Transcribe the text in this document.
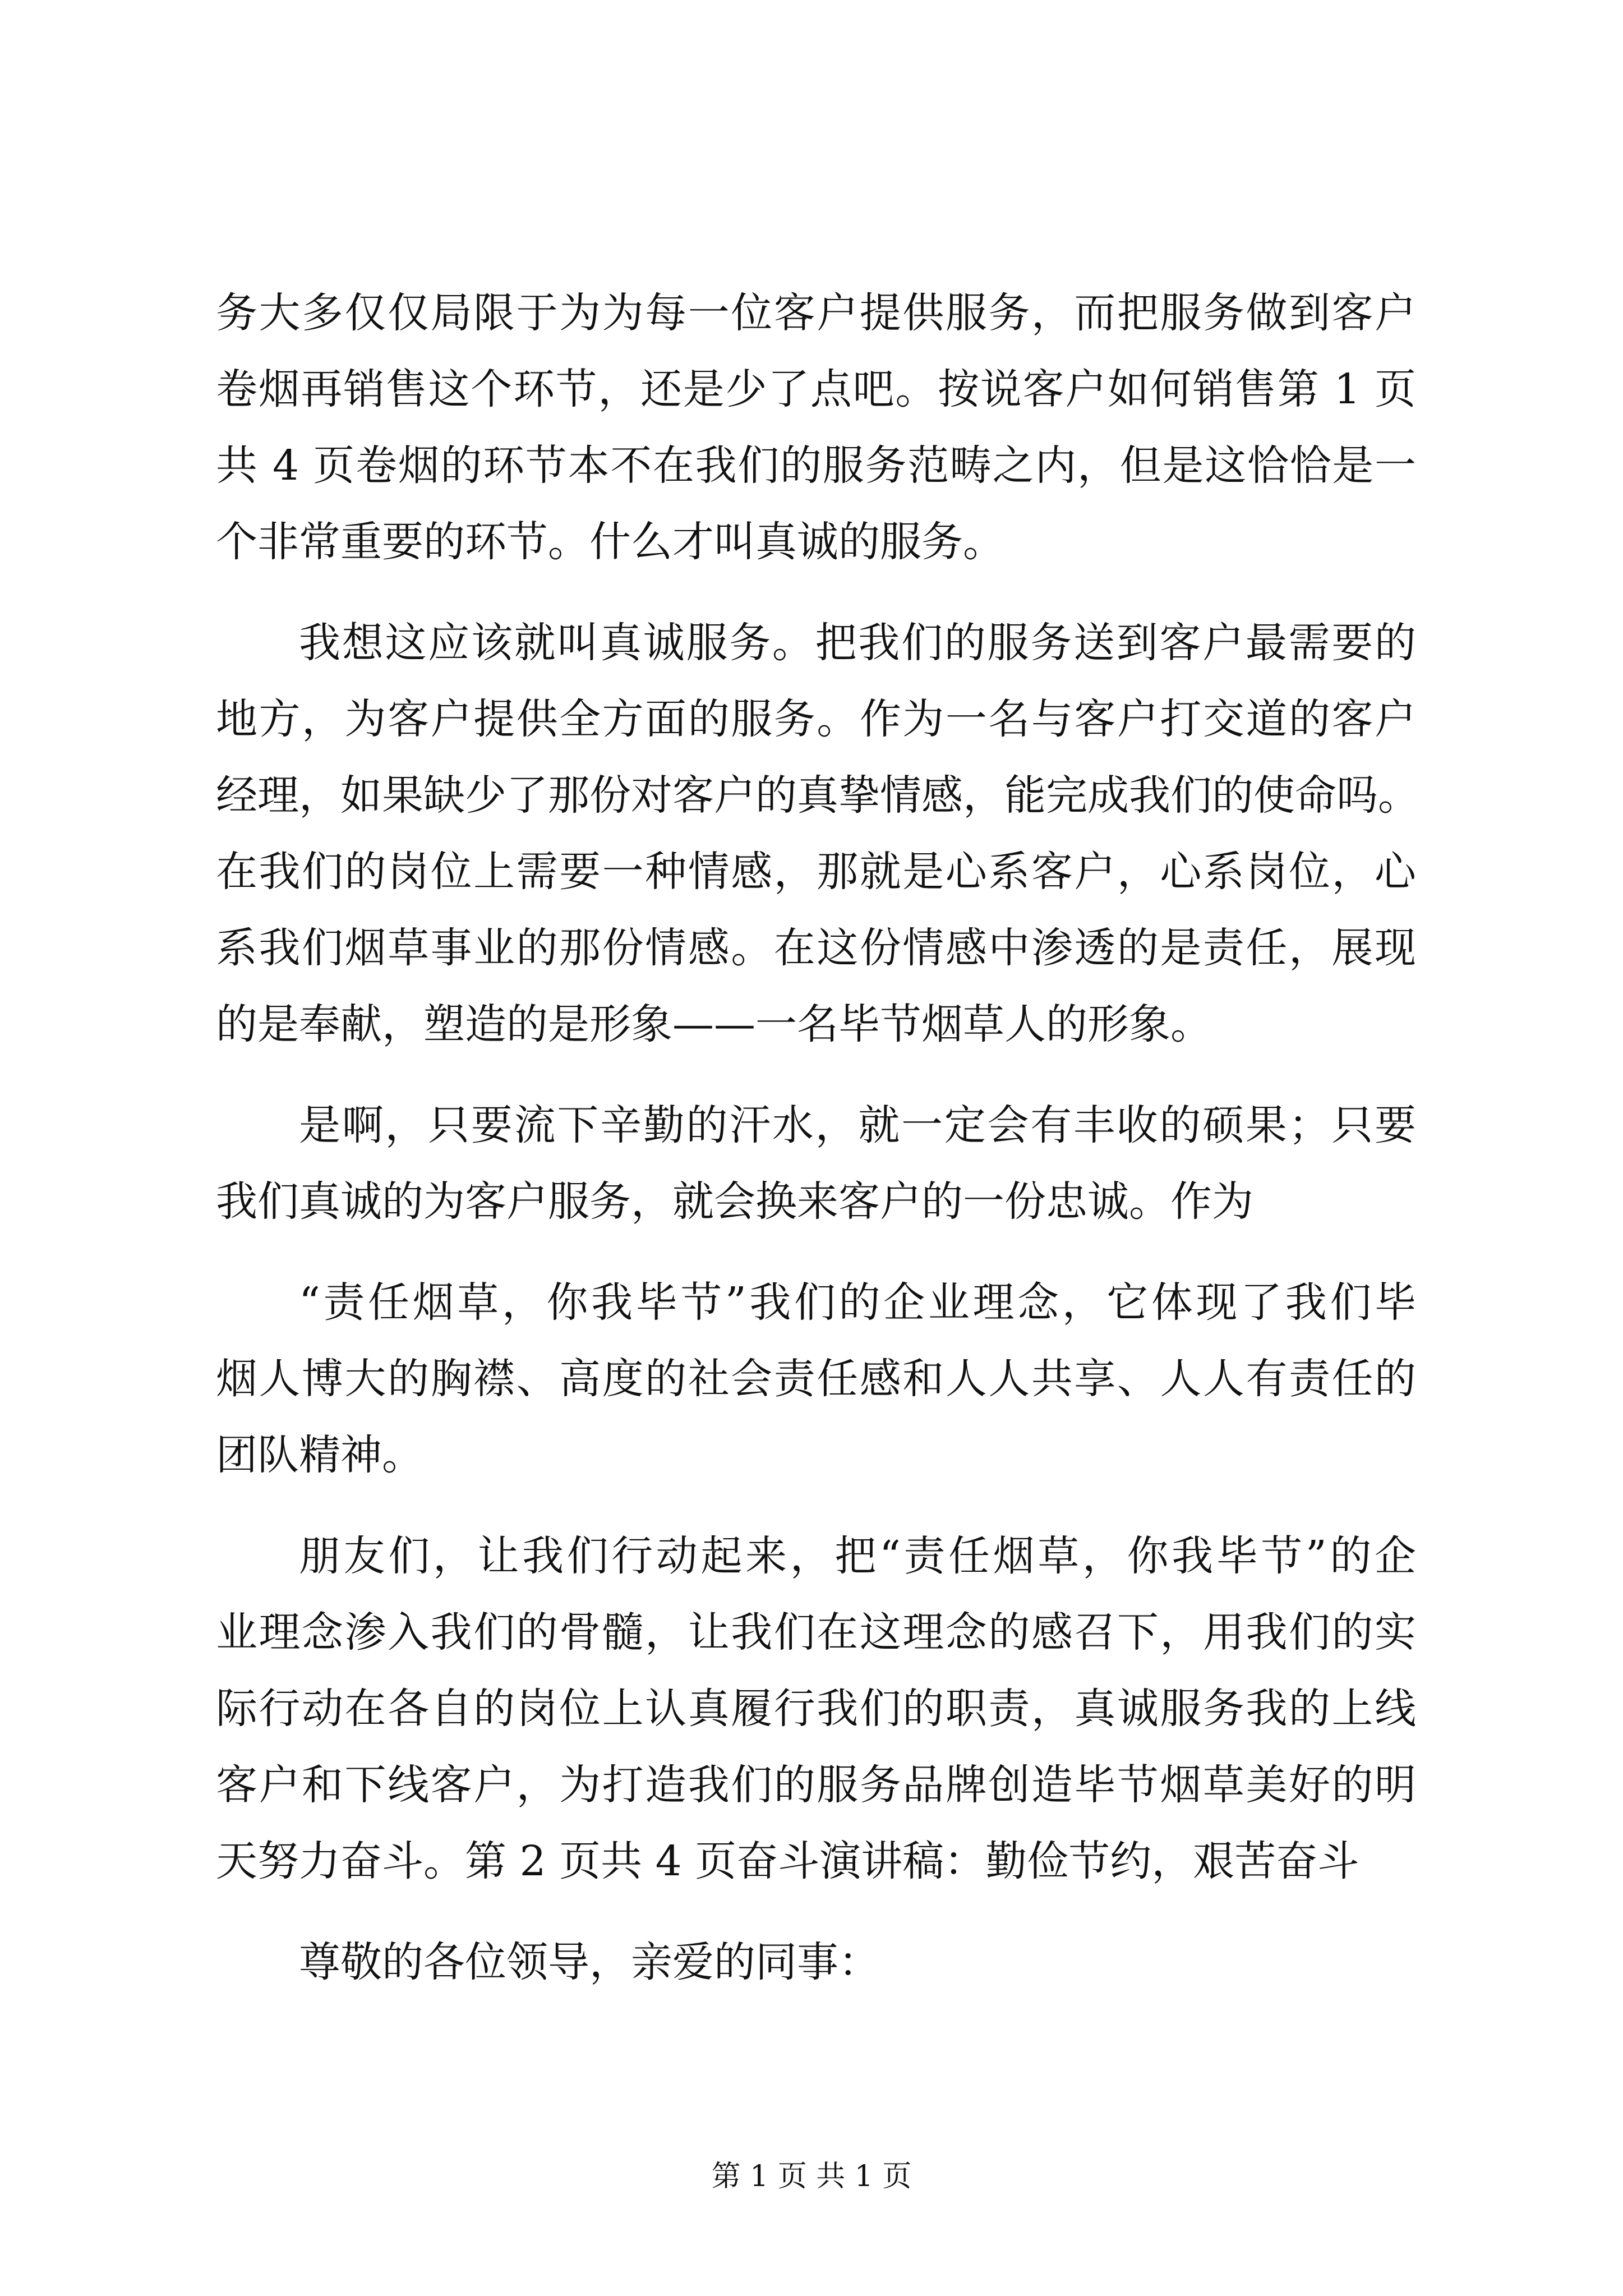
务大多仅仅局限于为为每一位客户提供服务，而把服务做到客户
卷烟再销售这个环节，还是少了点吧。按说客户如何销售第 1 页
共 4 页卷烟的环节本不在我们的服务范畴之内，但是这恰恰是一
个非常重要的环节。什么才叫真诚的服务。
我想这应该就叫真诚服务。把我们的服务送到客户最需要的
地方，为客户提供全方面的服务。作为一名与客户打交道的客户
经理，如果缺少了那份对客户的真挚情感，能完成我们的使命吗。
在我们的岗位上需要一种情感，那就是心系客户，心系岗位，心
系我们烟草事业的那份情感。在这份情感中渗透的是责任，展现
的是奉献，塑造的是形象——一名毕节烟草人的形象。
是啊，只要流下辛勤的汗水，就一定会有丰收的硕果；只要
我们真诚的为客户服务，就会换来客户的一份忠诚。作为
“责任烟草，你我毕节”我们的企业理念，它体现了我们毕
烟人博大的胸襟、高度的社会责任感和人人共享、人人有责任的
团队精神。
朋友们，让我们行动起来，把“责任烟草，你我毕节”的企
业理念渗入我们的骨髓，让我们在这理念的感召下，用我们的实
际行动在各自的岗位上认真履行我们的职责，真诚服务我的上线
客户和下线客户，为打造我们的服务品牌创造毕节烟草美好的明
天努力奋斗。第 2 页共 4 页奋斗演讲稿：勤俭节约，艰苦奋斗
尊敬的各位领导，亲爱的同事：
第 1 页 共 1 页
